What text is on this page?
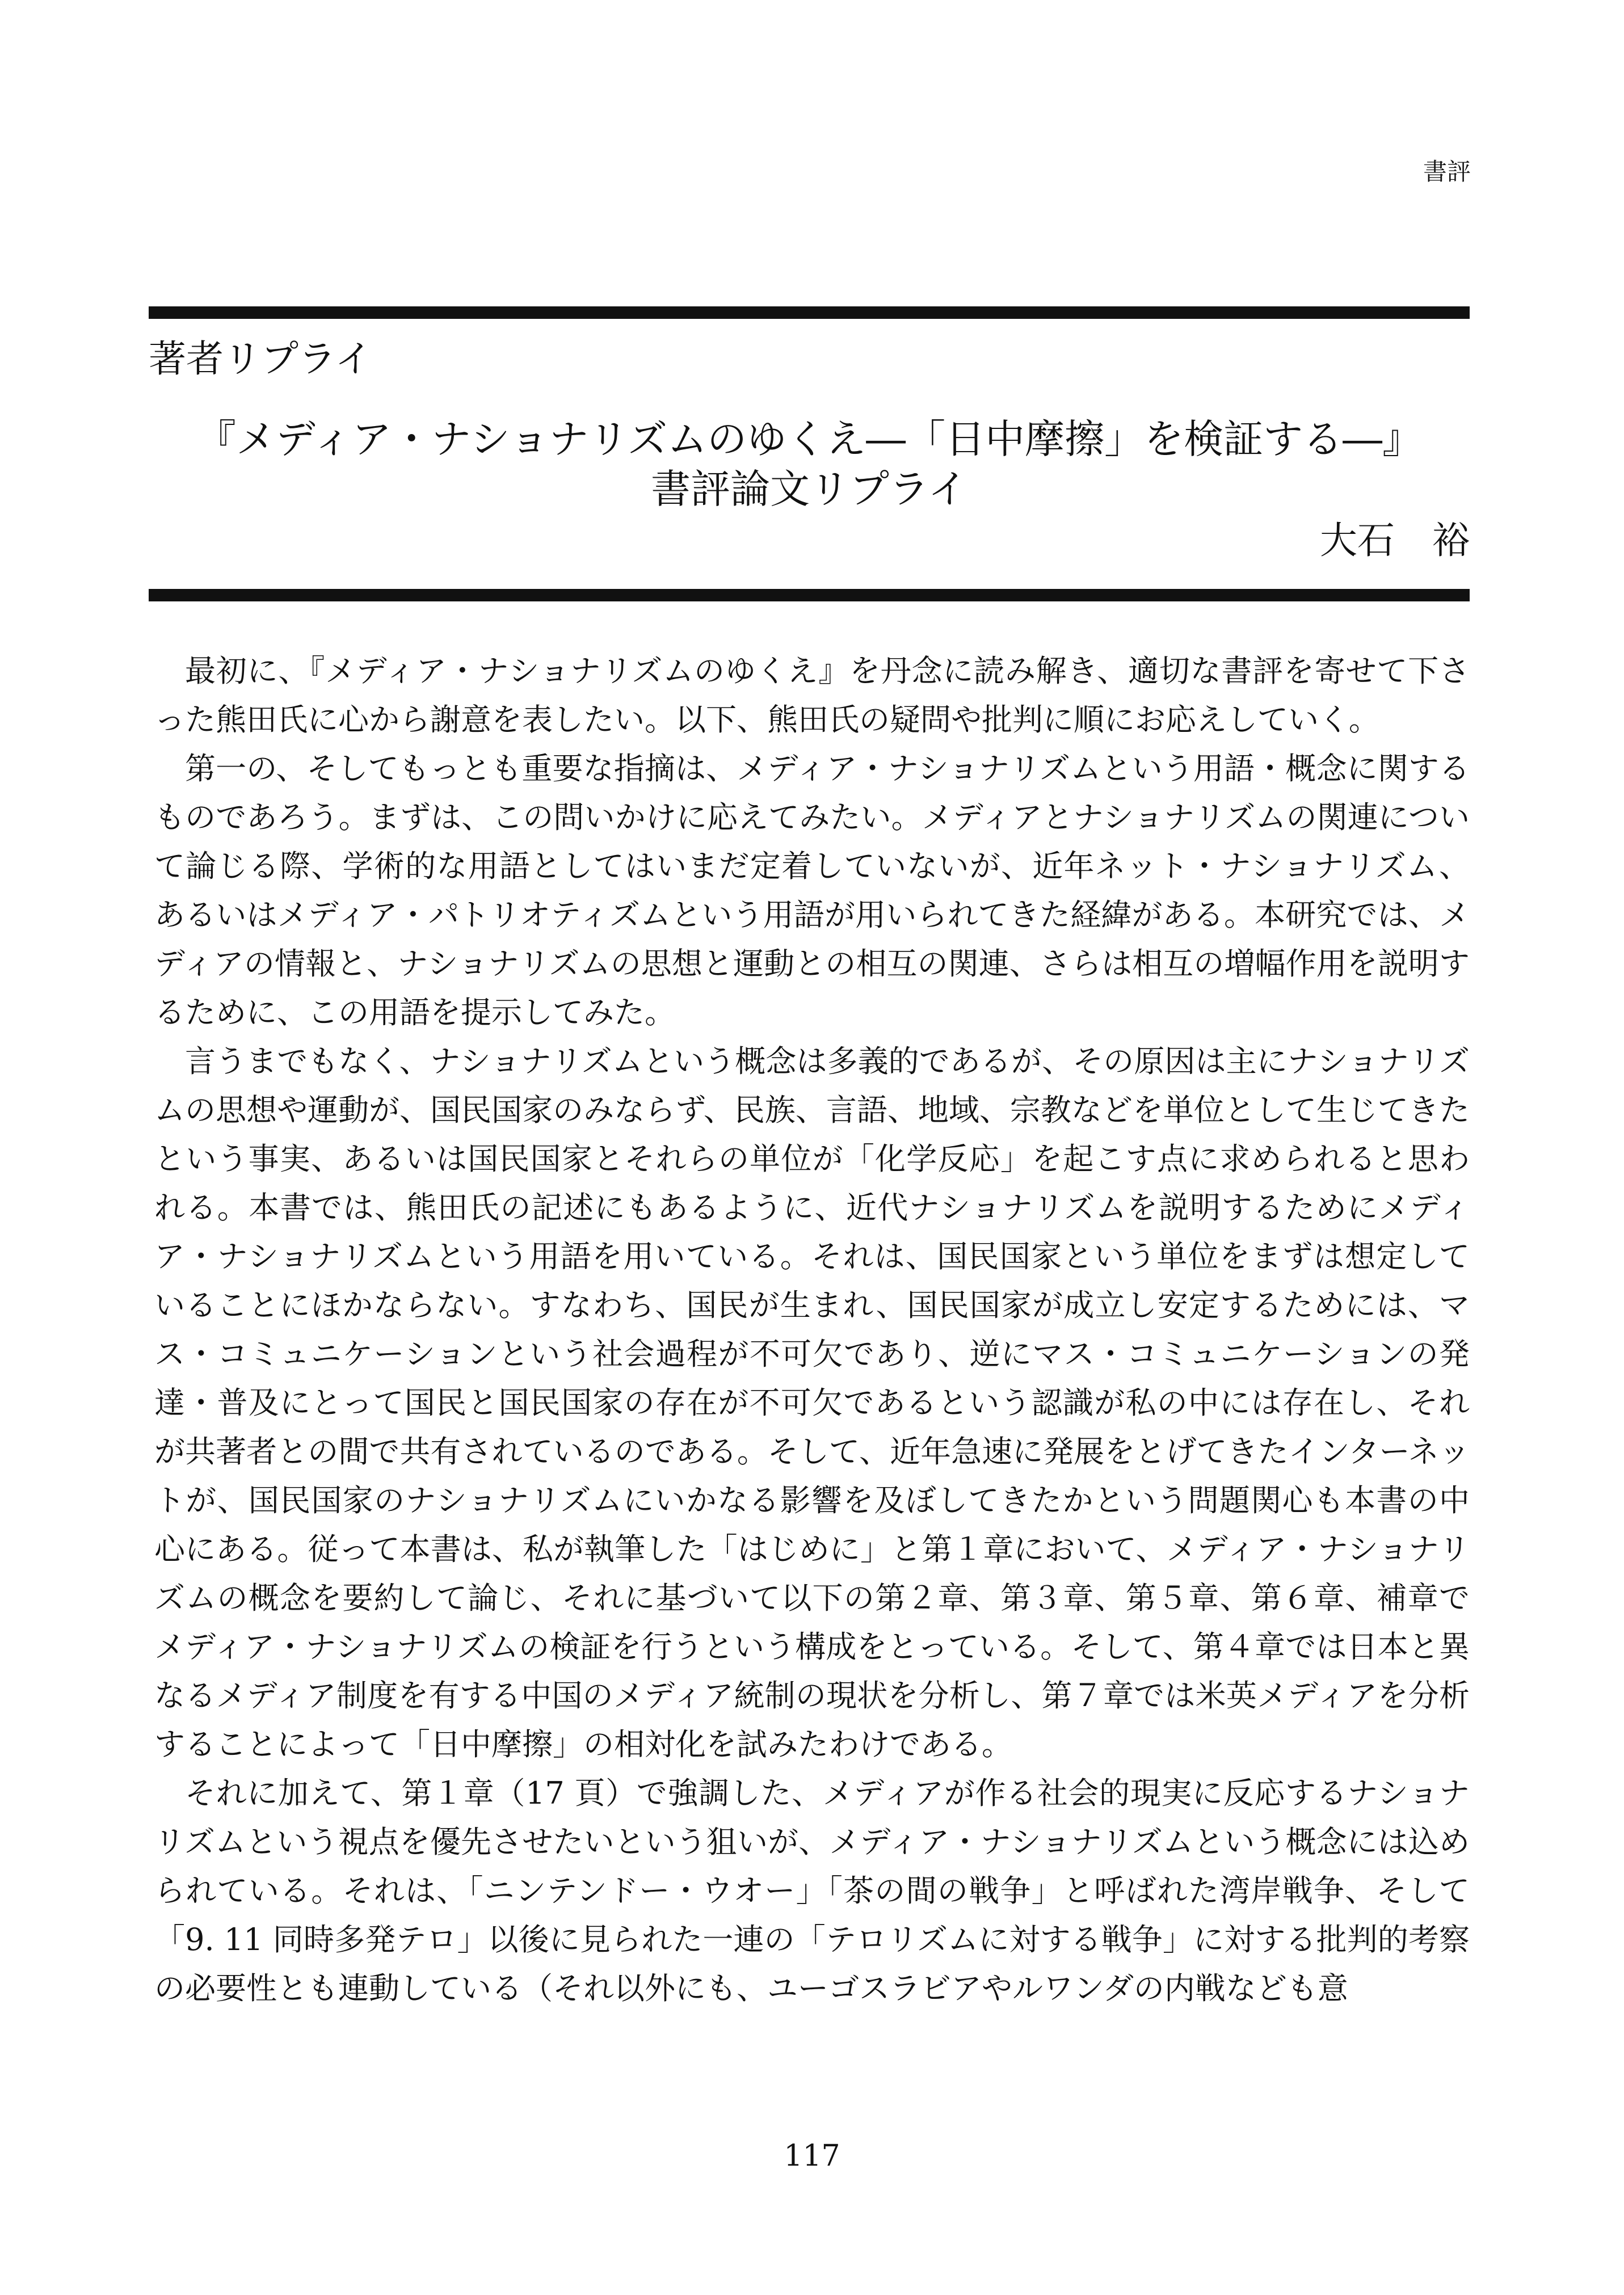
書評
著者リプライ
『メディア・ナショナリズムのゆくえ―「日中摩擦」を検証する―』
書評論文リプライ
大石　裕

最初に、『メディア・ナショナリズムのゆくえ』を丹念に読み解き、適切な書評を寄せて下さった熊田氏に心から謝意を表したい。以下、熊田氏の疑問や批判に順にお応えしていく。

第一の、そしてもっとも重要な指摘は、メディア・ナショナリズムという用語・概念に関するものであろう。まずは、この問いかけに応えてみたい。メディアとナショナリズムの関連について論じる際、学術的な用語としてはいまだ定着していないが、近年ネット・ナショナリズム、あるいはメディア・パトリオティズムという用語が用いられてきた経緯がある。本研究では、メディアの情報と、ナショナリズムの思想と運動との相互の関連、さらは相互の増幅作用を説明するために、この用語を提示してみた。

言うまでもなく、ナショナリズムという概念は多義的であるが、その原因は主にナショナリズムの思想や運動が、国民国家のみならず、民族、言語、地域、宗教などを単位として生じてきたという事実、あるいは国民国家とそれらの単位が「化学反応」を起こす点に求められると思われる。本書では、熊田氏の記述にもあるように、近代ナショナリズムを説明するためにメディア・ナショナリズムという用語を用いている。それは、国民国家という単位をまずは想定していることにほかならない。すなわち、国民が生まれ、国民国家が成立し安定するためには、マス・コミュニケーションという社会過程が不可欠であり、逆にマス・コミュニケーションの発達・普及にとって国民と国民国家の存在が不可欠であるという認識が私の中には存在し、それが共著者との間で共有されているのである。そして、近年急速に発展をとげてきたインターネットが、国民国家のナショナリズムにいかなる影響を及ぼしてきたかという問題関心も本書の中心にある。従って本書は、私が執筆した「はじめに」と第１章において、メディア・ナショナリズムの概念を要約して論じ、それに基づいて以下の第２章、第３章、第５章、第６章、補章でメディア・ナショナリズムの検証を行うという構成をとっている。そして、第４章では日本と異なるメディア制度を有する中国のメディア統制の現状を分析し、第７章では米英メディアを分析することによって「日中摩擦」の相対化を試みたわけである。

それに加えて、第１章（17 頁）で強調した、メディアが作る社会的現実に反応するナショナリズムという視点を優先させたいという狙いが、メディア・ナショナリズムという概念には込められている。それは、「ニンテンドー・ウオー」「茶の間の戦争」と呼ばれた湾岸戦争、そして「9. 11 同時多発テロ」以後に見られた一連の「テロリズムに対する戦争」に対する批判的考察の必要性とも連動している（それ以外にも、ユーゴスラビアやルワンダの内戦なども意

117
